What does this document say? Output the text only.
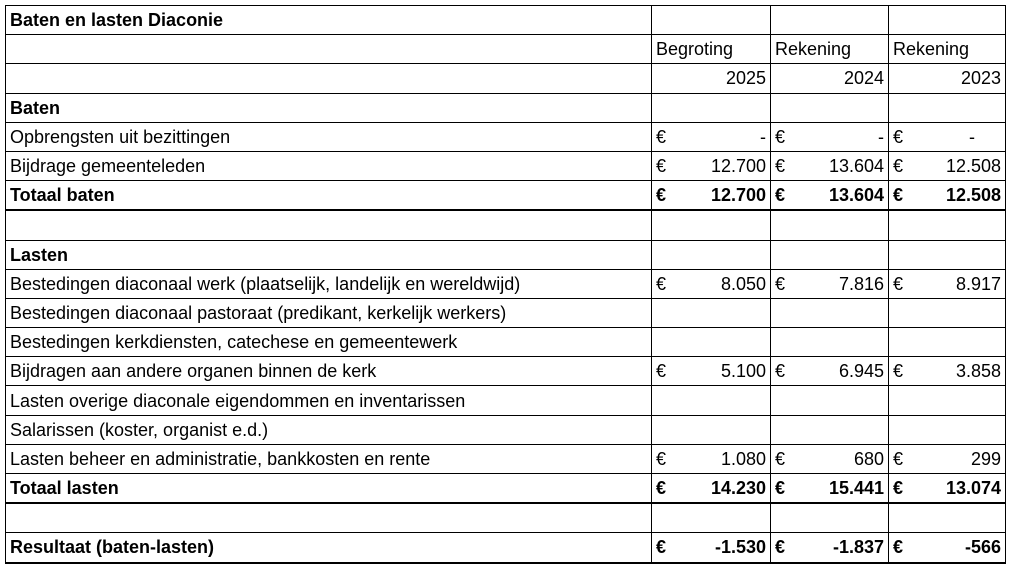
Baten en lasten Diaconie			
	Begroting	Rekening	Rekening
	2025	2024	2023
Baten			
Opbrengsten uit bezittingen	€ -	€ -	€ -

Bijdrage gemeenteleden	€ 12.700	€ 13.604	€ 12.508

Totaal baten	€ 12.700	€ 13.604	€ 12.508

Lasten			
Bestedingen diaconaal werk (plaatselijk, landelijk en wereldwijd)	€ 8.050	€ 7.816	€ 8.917

Bestedingen diaconaal pastoraat (predikant, kerkelijk werkers)			
Bestedingen kerkdiensten, catechese en gemeentewerk			
Bijdragen aan andere organen binnen de kerk	€ 5.100	€ 6.945	€ 3.858

Lasten overige diaconale eigendommen en inventarissen			
Salarissen (koster, organist e.d.)			
Lasten beheer en administratie, bankkosten en rente	€ 1.080	€ 680	€ 299

Totaal lasten	€ 14.230	€ 15.441	€ 13.074

Resultaat (baten-lasten)	€ -1.530	€ -1.837	€ -566
